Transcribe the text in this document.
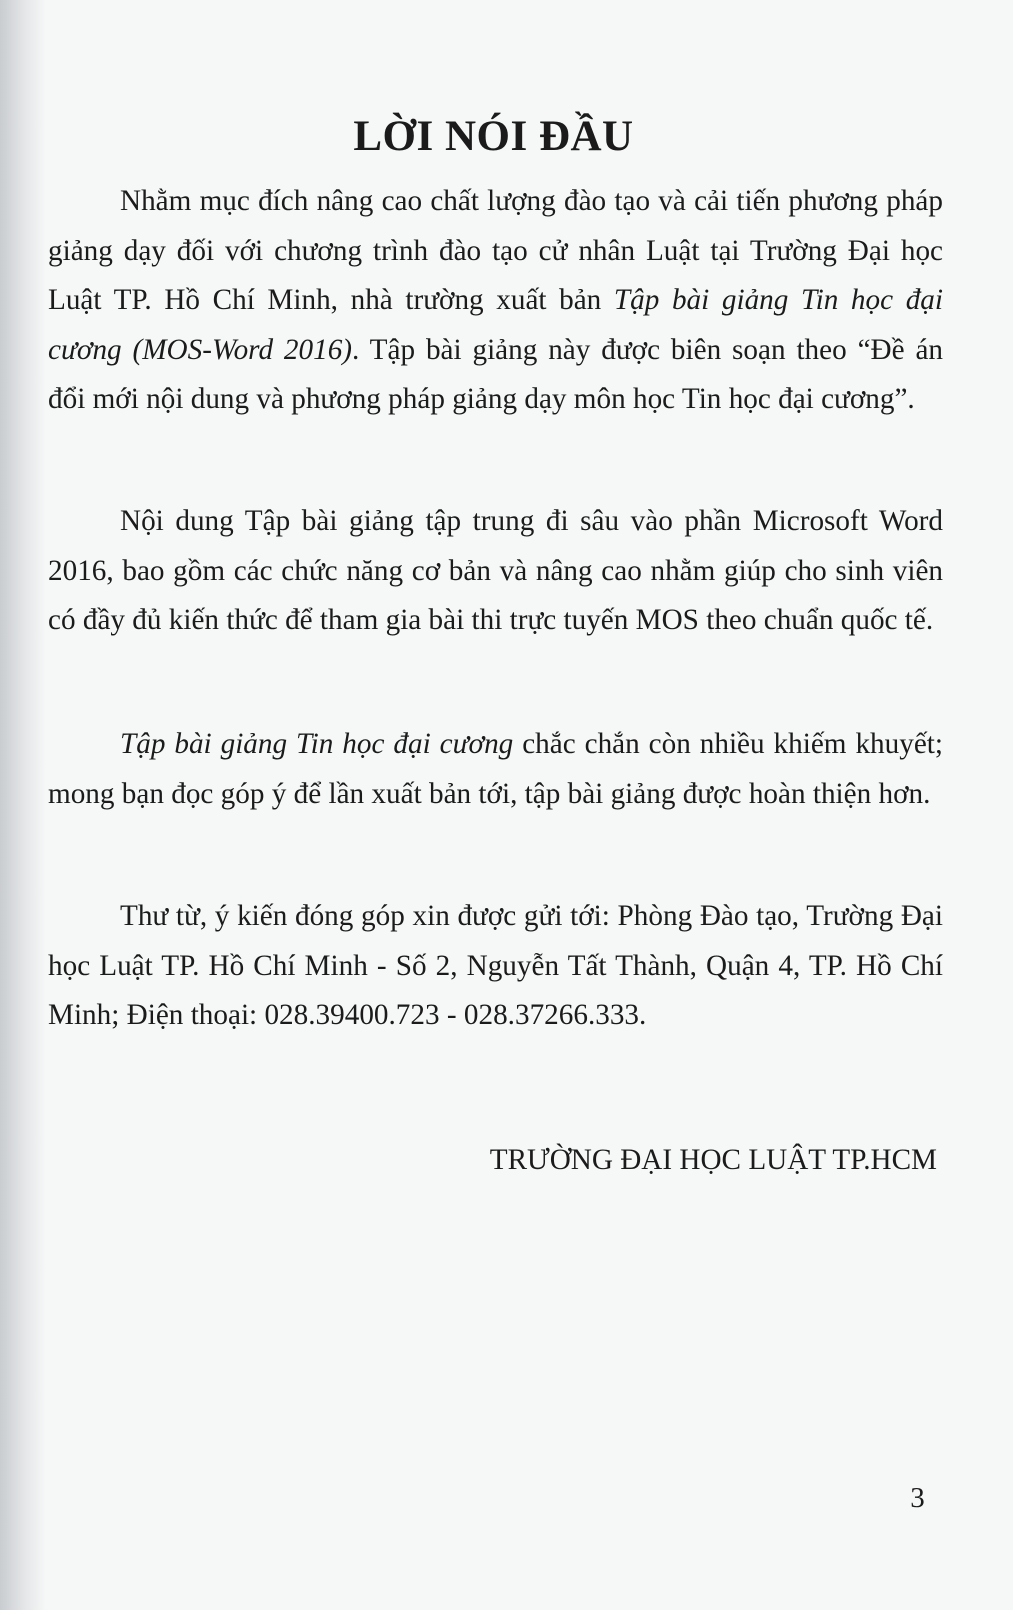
LỜI NÓI ĐẦU

Nhằm mục đích nâng cao chất lượng đào tạo và cải tiến phương pháp giảng dạy đối với chương trình đào tạo cử nhân Luật tại Trường Đại học Luật TP. Hồ Chí Minh, nhà trường xuất bản Tập bài giảng Tin học đại cương (MOS-Word 2016). Tập bài giảng này được biên soạn theo “Đề án đổi mới nội dung và phương pháp giảng dạy môn học Tin học đại cương”.

Nội dung Tập bài giảng tập trung đi sâu vào phần Microsoft Word 2016, bao gồm các chức năng cơ bản và nâng cao nhằm giúp cho sinh viên có đầy đủ kiến thức để tham gia bài thi trực tuyến MOS theo chuẩn quốc tế.

Tập bài giảng Tin học đại cương chắc chắn còn nhiều khiếm khuyết; mong bạn đọc góp ý để lần xuất bản tới, tập bài giảng được hoàn thiện hơn.

Thư từ, ý kiến đóng góp xin được gửi tới: Phòng Đào tạo, Trường Đại học Luật TP. Hồ Chí Minh - Số 2, Nguyễn Tất Thành, Quận 4, TP. Hồ Chí Minh; Điện thoại: 028.39400.723 - 028.37266.333.

TRƯỜNG ĐẠI HỌC LUẬT TP.HCM

3
